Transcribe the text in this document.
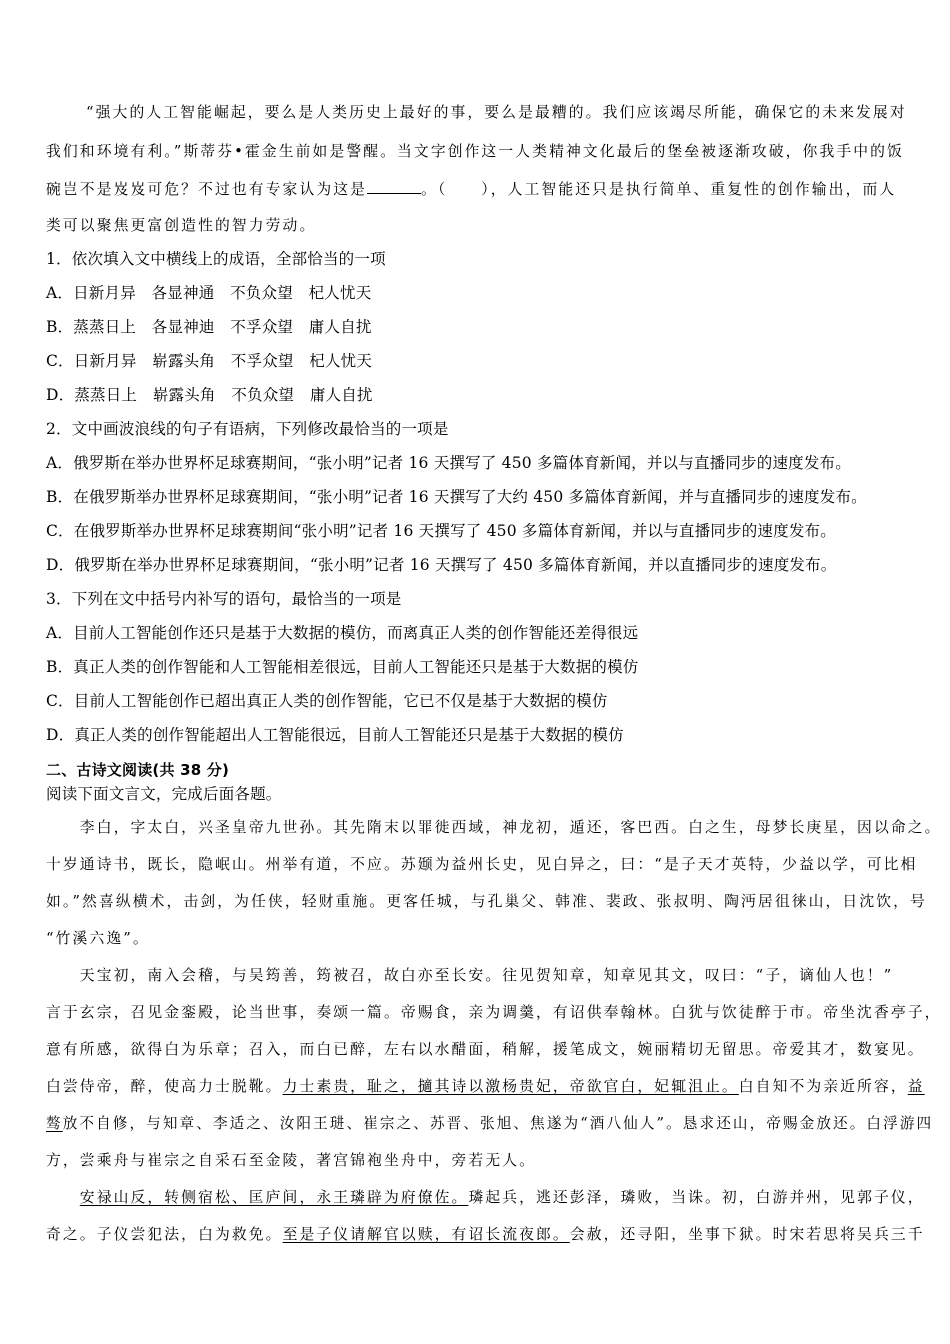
“强大的人工智能崛起，要么是人类历史上最好的事，要么是最糟的。我们应该竭尽所能，确保它的未来发展对
我们和环境有利。”斯蒂芬•霍金生前如是警醒。当文字创作这一人类精神文化最后的堡垒被逐渐攻破，你我手中的饭
碗岂不是岌岌可危？不过也有专家认为这是	。（　　），人工智能还只是执行简单、重复性的创作输出，而人
类可以聚焦更富创造性的智力劳动。
1．依次填入文中横线上的成语，全部恰当的一项
A．日新月异　各显神通　不负众望　杞人忧天
B．蒸蒸日上　各显神迪　不孚众望　庸人自扰
C．日新月异　崭露头角　不孚众望　杞人忧天
D．蒸蒸日上　崭露头角　不负众望　庸人自扰
2．文中画波浪线的句子有语病，下列修改最恰当的一项是
A．俄罗斯在举办世界杯足球赛期间，“张小明”记者 16 天撰写了 450 多篇体育新闻，并以与直播同步的速度发布。
B．在俄罗斯举办世界杯足球赛期间，“张小明”记者 16 天撰写了大约 450 多篇体育新闻，并与直播同步的速度发布。
C．在俄罗斯举办世界杯足球赛期间“张小明”记者 16 天撰写了 450 多篇体育新闻，并以与直播同步的速度发布。
D．俄罗斯在举办世界杯足球赛期间，“张小明”记者 16 天撰写了 450 多篇体育新闻，并以直播同步的速度发布。
3．下列在文中括号内补写的语句，最恰当的一项是
A．目前人工智能创作还只是基于大数据的模仿，而离真正人类的创作智能还差得很远
B．真正人类的创作智能和人工智能相差很远，目前人工智能还只是基于大数据的模仿
C．目前人工智能创作已超出真正人类的创作智能，它已不仅是基于大数据的模仿
D．真正人类的创作智能超出人工智能很远，目前人工智能还只是基于大数据的模仿
二、古诗文阅读(共 38 分)
阅读下面文言文，完成后面各题。
　　李白，字太白，兴圣皇帝九世孙。其先隋末以罪徙西域，神龙初，遁还，客巴西。白之生，母梦长庚星，因以命之。
十岁通诗书，既长，隐岷山。州举有道，不应。苏颋为益州长史，见白异之，曰：“是子天才英特，少益以学，可比相
如。”然喜纵横术，击剑，为任侠，轻财重施。更客任城，与孔巢父、韩准、裴政、张叔明、陶沔居徂徕山，日沈饮，号
“竹溪六逸”。
　　天宝初，南入会稽，与吴筠善，筠被召，故白亦至长安。往见贺知章，知章见其文，叹曰：“子，谪仙人也！”
言于玄宗，召见金銮殿，论当世事，奏颂一篇。帝赐食，亲为调羹，有诏供奉翰林。白犹与饮徒醉于市。帝坐沈香亭子，
意有所感，欲得白为乐章；召入，而白已醉，左右以水醋面，稍解，援笔成文，婉丽精切无留思。帝爱其才，数宴见。
白尝侍帝，醉，使高力士脱靴。力士素贵，耻之，擿其诗以激杨贵妃，帝欲官白，妃辄沮止。白自知不为亲近所容，益
骜放不自修，与知章、李适之、汝阳王琎、崔宗之、苏晋、张旭、焦遂为“酒八仙人”。恳求还山，帝赐金放还。白浮游四
方，尝乘舟与崔宗之自采石至金陵，著宫锦袍坐舟中，旁若无人。
　　安禄山反，转侧宿松、匡庐间，永王璘辟为府僚佐。璘起兵，逃还彭泽，璘败，当诛。初，白游并州，见郭子仪，
奇之。子仪尝犯法，白为救免。至是子仪请解官以赎，有诏长流夜郎。会赦，还寻阳，坐事下狱。时宋若思将吴兵三千
